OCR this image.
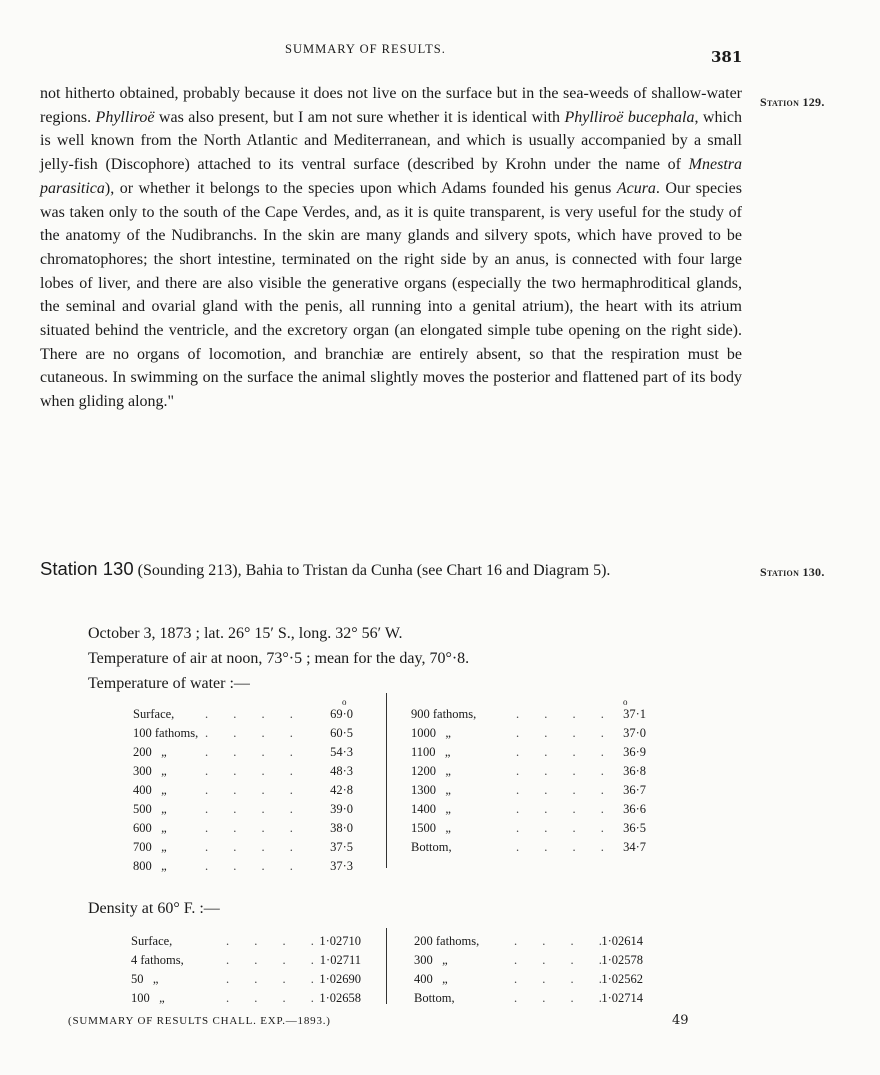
SUMMARY OF RESULTS.	381
Station 129.
Station 130.

not hitherto obtained, probably because it does not live on the surface but in the sea-weeds of shallow-water regions. Phylliroë was also present, but I am not sure whether it is identical with Phylliroë bucephala, which is well known from the North Atlantic and Mediterranean, and which is usually accompanied by a small jelly-fish (Discophore) attached to its ventral surface (described by Krohn under the name of Mnestra parasitica), or whether it belongs to the species upon which Adams founded his genus Acura. Our species was taken only to the south of the Cape Verdes, and, as it is quite transparent, is very useful for the study of the anatomy of the Nudibranchs. In the skin are many glands and silvery spots, which have proved to be chromatophores; the short intestine, terminated on the right side by an anus, is connected with four large lobes of liver, and there are also visible the generative organs (especially the two hermaphroditical glands, the seminal and ovarial gland with the penis, all running into a genital atrium), the heart with its atrium situated behind the ventricle, and the excretory organ (an elongated simple tube opening on the right side). There are no organs of locomotion, and branchiæ are entirely absent, so that the respiration must be cutaneous. In swimming on the surface the animal slightly moves the posterior and flattened part of its body when gliding along."

Station 130 (Sounding 213), Bahia to Tristan da Cunha (see Chart 16 and Diagram 5).
October 3, 1873 ; lat. 26° 15′ S., long. 32° 56′ W.
Temperature of air at noon, 73°·5 ; mean for the day, 70°·8.
Temperature of water :—
o	o
Surface, . . . .	69·0
100 fathoms, . . . .	60·5
200   „	. . . .	54·3
300   „	. . . .	48·3
400   „	. . . .	42·8
500   „	. . . .	39·0
600   „	. . . .	38·0
700   „	. . . .	37·5
800   „	. . . .	37·3
900 fathoms,	. . . . 37·1
1000   „	. . . . 37·0
1100   „	. . . . 36·9
1200   „	. . . . 36·8
1300   „	. . . . 36·7
1400   „	. . . . 36·6
1500   „	. . . . 36·5
Bottom,	. . . . 34·7
Density at 60° F. :—
Surface,	. . . . 1·02710
4 fathoms,	. . . . 1·02711
50   „	. . . . 1·02690
100   „	. . . . 1·02658
200 fathoms,	. . . . 1·02614
300   „	. . . . 1·02578
400   „	. . . . 1·02562
Bottom,	. . . . 1·02714
(SUMMARY OF RESULTS CHALL. EXP.—1893.)	49
